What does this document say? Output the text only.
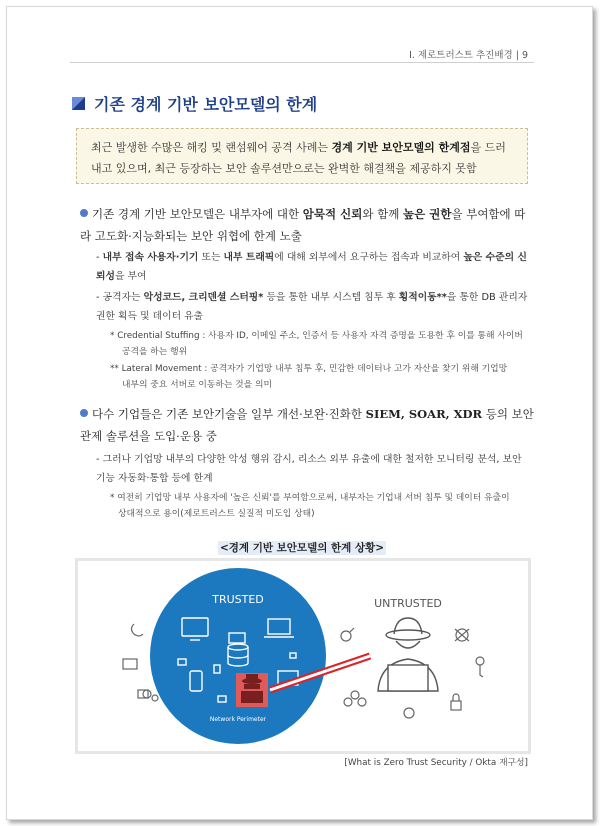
Ⅰ. 제로트러스트 추진배경 | 9
기존 경계 기반 보안모델의 한계
최근 발생한 수많은 해킹 및 랜섬웨어 공격 사례는 경계 기반 보안모델의 한계점을 드러내고 있으며, 최근 등장하는 보안 솔루션만으로는 완벽한 해결책을 제공하지 못함
기존 경계 기반 보안모델은 내부자에 대한 암묵적 신뢰와 함께 높은 권한을 부여함에 따라 고도화·지능화되는 보안 위협에 한계 노출
- 내부 접속 사용자·기기 또는 내부 트래픽에 대해 외부에서 요구하는 접속과 비교하여 높은 수준의 신뢰성을 부여
- 공격자는 악성코드, 크리덴셜 스터핑* 등을 통한 내부 시스템 침투 후 횡적이동**을 통한 DB 관리자 권한 획득 및 데이터 유출
* Credential Stuffing : 사용자 ID, 이메일 주소, 인증서 등 사용자 자격 증명을 도용한 후 이를 통해 사이버
공격을 하는 행위
** Lateral Movement : 공격자가 기업망 내부 침투 후, 민감한 데이터나 고가 자산을 찾기 위해 기업망
내부의 중요 서버로 이동하는 것을 의미
다수 기업들은 기존 보안기술을 일부 개선·보완·진화한 SIEM, SOAR, XDR 등의 보안관제 솔루션을 도입·운용 중
- 그러나 기업망 내부의 다양한 악성 행위 감시, 리소스 외부 유출에 대한 철저한 모니터링 분석, 보안 기능 자동화·통합 등에 한계
* 여전히 기업망 내부 사용자에 '높은 신뢰'를 부여함으로써, 내부자는 기업내 서버 침투 및 데이터 유출이
상대적으로 용이(제로트러스트 실질적 미도입 상태)
<경계 기반 보안모델의 한계 상황>
TRUSTED
Network Perimeter
UNTRUSTED
[What is Zero Trust Security / Okta 재구성]
